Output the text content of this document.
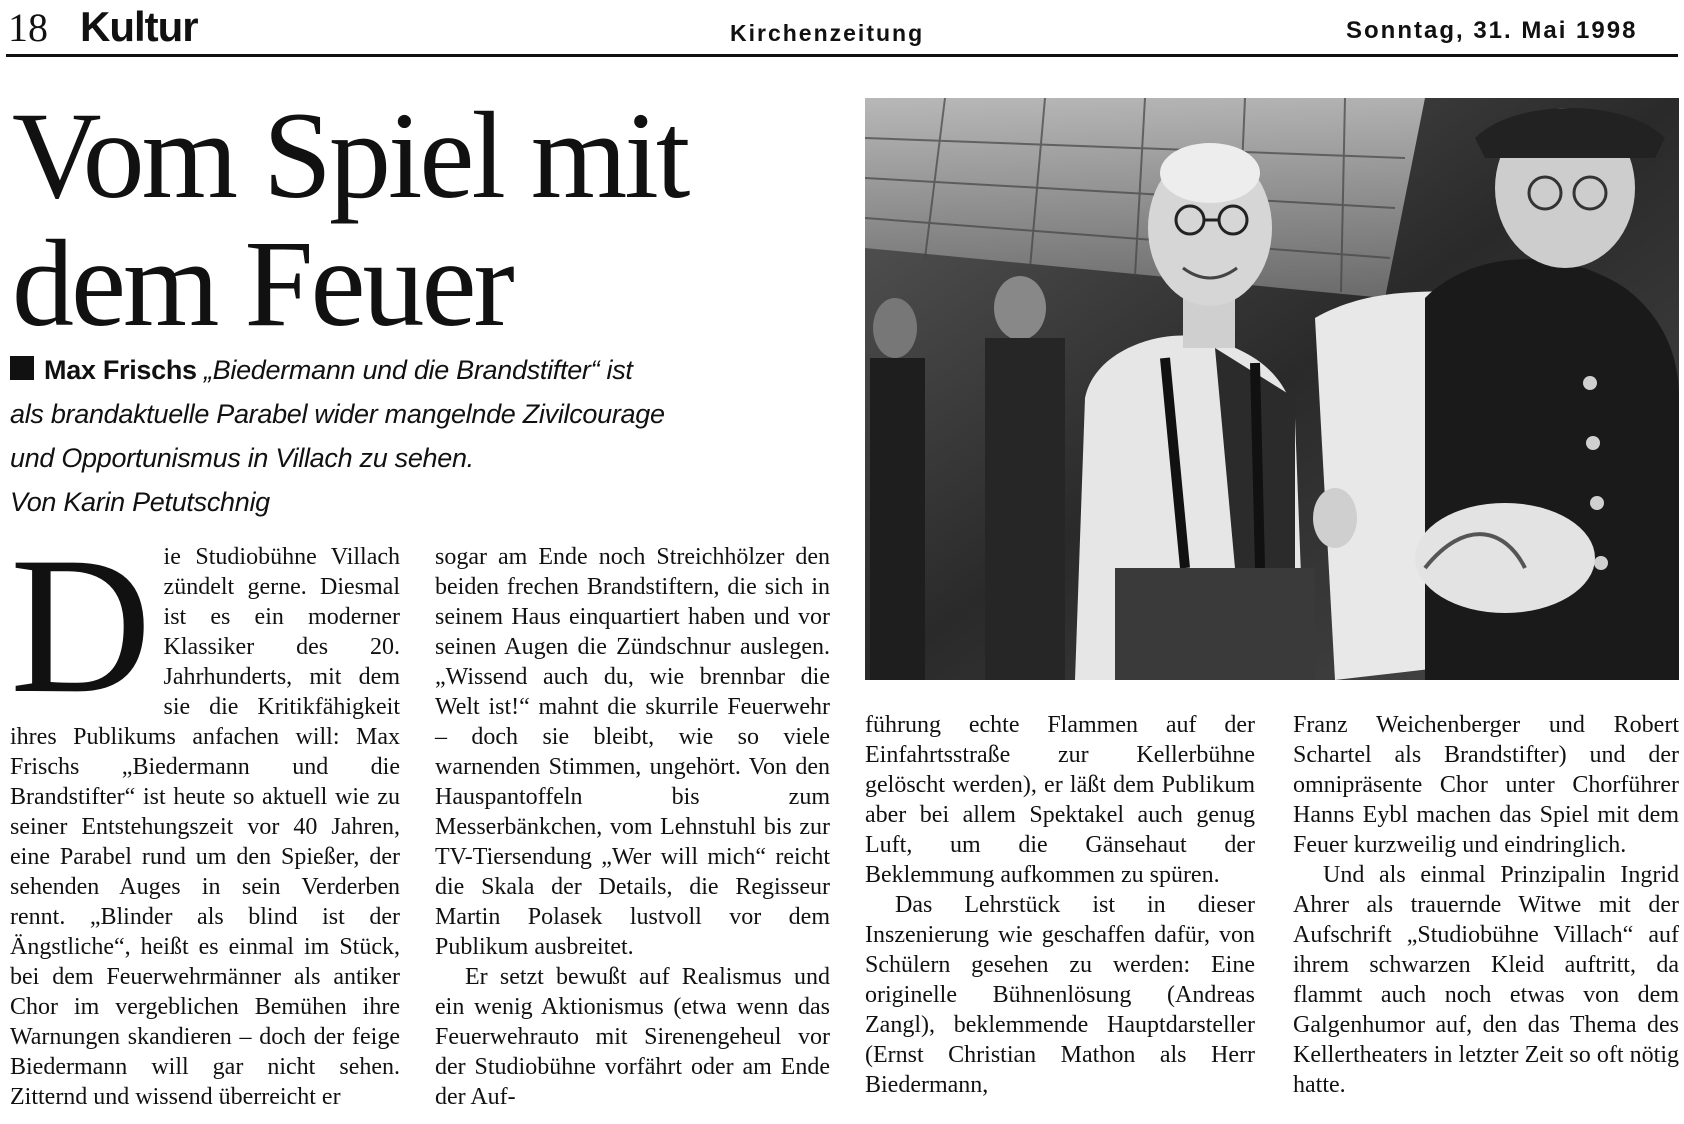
18 Kultur	Kirchenzeitung	Sonntag, 31. Mai 1998
Vom Spiel mit
dem Feuer
Max Frischs „Biedermann und die Brandstifter“ ist
als brandaktuelle Parabel wider mangelnde Zivilcourage
und Opportunismus in Villach zu sehen.
Von Karin Petutschnig

Die Studiobühne Villach zündelt gerne. Diesmal ist es ein moderner Klassiker des 20. Jahrhunderts, mit dem sie die Kritikfähigkeit ihres Publikums anfachen will: Max Frischs „Biedermann und die Brandstifter“ ist heute so aktuell wie zu seiner Entstehungszeit vor 40 Jahren, eine Parabel rund um den Spießer, der sehenden Auges in sein Verderben rennt. „Blinder als blind ist der Ängstliche“, heißt es einmal im Stück, bei dem Feuerwehrmänner als antiker Chor im vergeblichen Bemühen ihre Warnungen skandieren – doch der feige Biedermann will gar nicht sehen. Zitternd und wissend überreicht er

sogar am Ende noch Streichhölzer den beiden frechen Brandstiftern, die sich in seinem Haus einquartiert haben und vor seinen Augen die Zündschnur auslegen. „Wissend auch du, wie brennbar die Welt ist!“ mahnt die skurrile Feuerwehr – doch sie bleibt, wie so viele warnenden Stimmen, ungehört. Von den Hauspantoffeln bis zum Messerbänkchen, vom Lehnstuhl bis zur TV-Tiersendung „Wer will mich“ reicht die Skala der Details, die Regisseur Martin Polasek lustvoll vor dem Publikum ausbreitet.

Er setzt bewußt auf Realismus und ein wenig Aktionismus (etwa wenn das Feuerwehrauto mit Sirenengeheul vor der Studiobühne vorfährt oder am Ende der Auf-

führung echte Flammen auf der Einfahrtsstraße zur Kellerbühne gelöscht werden), er läßt dem Publikum aber bei allem Spektakel auch genug Luft, um die Gänsehaut der Beklemmung aufkommen zu spüren.

Das Lehrstück ist in dieser Inszenierung wie geschaffen dafür, von Schülern gesehen zu werden: Eine originelle Bühnenlösung (Andreas Zangl), beklemmende Hauptdarsteller (Ernst Christian Mathon als Herr Biedermann,

Franz Weichenberger und Robert Schartel als Brandstifter) und der omnipräsente Chor unter Chorführer Hanns Eybl machen das Spiel mit dem Feuer kurzweilig und eindringlich.

Und als einmal Prinzipalin Ingrid Ahrer als trauernde Witwe mit der Aufschrift „Studiobühne Villach“ auf ihrem schwarzen Kleid auftritt, da flammt auch noch etwas von dem Galgenhumor auf, den das Thema des Kellertheaters in letzter Zeit so oft nötig hatte.
